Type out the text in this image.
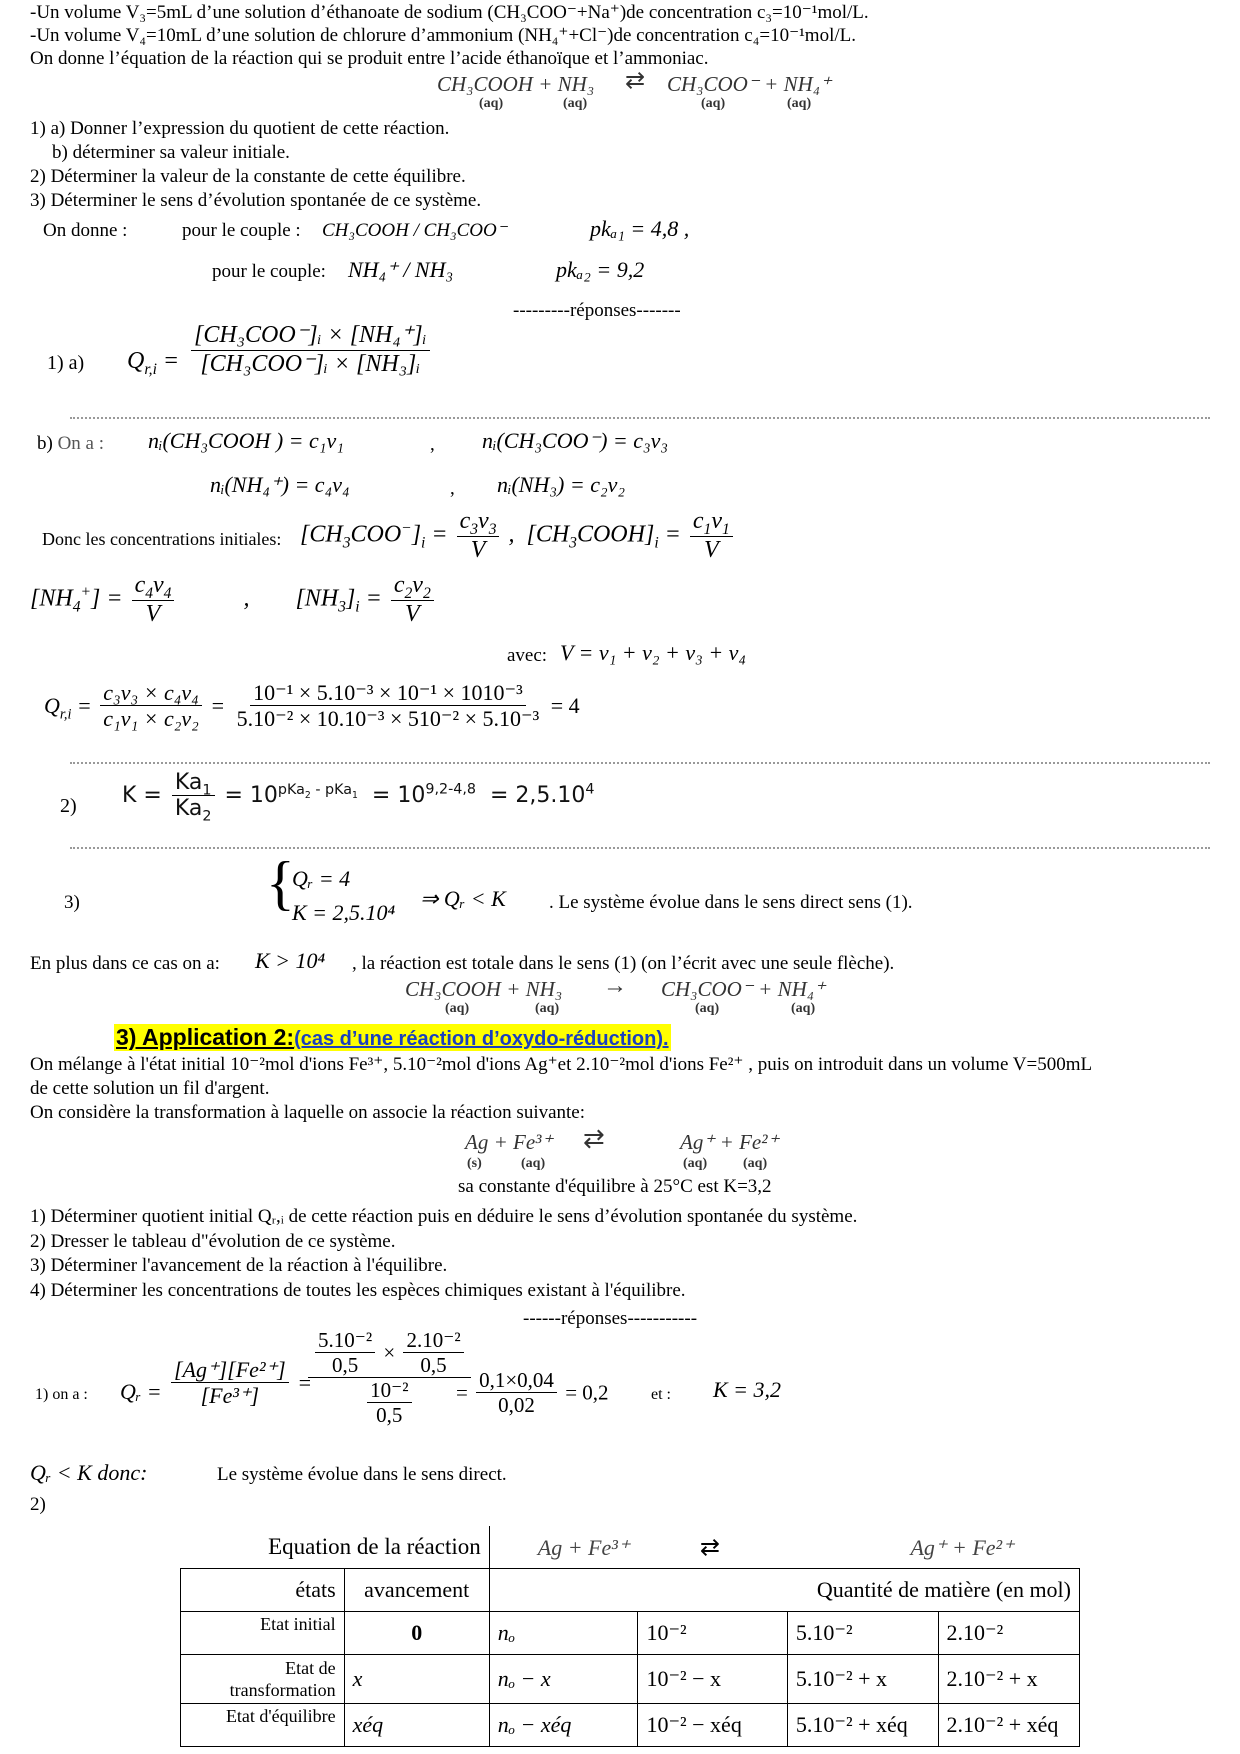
-Un volume V₃=5mL d’une solution d’éthanoate de sodium (CH₃COO⁻+Na⁺)de concentration c₃=10⁻¹mol/L.
-Un volume V₄=10mL d’une solution de chlorure d’ammonium (NH₄⁺+Cl⁻)de concentration c₄=10⁻¹mol/L.
On donne l’équation de la réaction qui se produit entre l’acide éthanoïque et l’ammoniac.
CH₃COOH + NH₃ ⇄ CH₃COO⁻ + NH₄⁺
(aq)	(aq)	(aq)	(aq)
1) a) Donner l’expression du quotient de cette réaction.
b) déterminer sa valeur initiale.
2) Déterminer la valeur de la constante de cette équilibre.
3) Déterminer le sens d’évolution spontanée de ce système.
On donne :	pour le couple : CH₃COOH / CH₃COO⁻	pkₐ₁ = 4,8 ,
pour le couple: NH₄⁺ / NH₃	pkₐ₂ = 9,2
---------réponses-------
1) a) $Q_{r,i} = \frac{\text{[CH₃COO⁻]ᵢ × [NH₄⁺]ᵢ}}{\text{[CH₃COO⁻]ᵢ × [NH₃]ᵢ}}$
b) On a : nᵢ(CH₃COOH ) = c₁v₁	, nᵢ(CH₃COO⁻) = c₃v₃
nᵢ(NH₄⁺) = c₄v₄	, nᵢ(NH₃) = c₂v₂
Donc les concentrations initiales: $[CH_3COO^-]_i = \frac{c_3v_3}{V}$ ,  $[CH_3COOH]_i = \frac{c_1v_1}{V}$
$[NH_4^+] = \frac{c_4v_4}{V}$	, $[NH_3]_i = \frac{c_2v_2}{V}$
avec: V = v₁ + v₂ + v₃ + v₄
$Q_{r,i} = \frac{\text{c₃v₃ × c₄v₄}}{\text{c₁v₁ × c₂v₂}} = \frac{\text{10⁻¹ × 5.10⁻³ × 10⁻¹ × 1010⁻³}}{\text{5.10⁻² × 10.10⁻³ × 510⁻² × 5.10⁻³}} = 4$
2) $K = \frac{Ka_1}{Ka_2} = 10^{pKa_2 - pKa_1} = 10^{9,2-4,8} = 2,5.10^4$
3)	{
Qᵣ = 4
K = 2,5.10⁴
⇒ Qᵣ < K . Le système évolue dans le sens direct sens (1).
En plus dans ce cas on a: K > 10⁴ , la réaction est totale dans le sens (1) (on l’écrit avec une seule flèche).
CH₃COOH + NH₃ → CH₃COO⁻ + NH₄⁺
(aq)	(aq)	(aq)	(aq)
3) Application 2:(cas d’une réaction d’oxydo-réduction).
On mélange à l'état initial 10⁻²mol d'ions Fe³⁺, 5.10⁻²mol d'ions Ag⁺et 2.10⁻²mol d'ions Fe²⁺ , puis on introduit dans un volume V=500mL
de cette solution un fil d'argent.
On considère la transformation à laquelle on associe la réaction suivante:
Ag + Fe³⁺ ⇄	Ag⁺ + Fe²⁺
(s)	(aq)	(aq)	(aq)
sa constante d'équilibre à 25°C est K=3,2
1) Déterminer quotient initial Qᵣ,ᵢ de cette réaction puis en déduire le sens d’évolution spontanée du système.
2) Dresser le tableau d"évolution de ce système.
3) Déterminer l'avancement de la réaction à l'équilibre.
4) Déterminer les concentrations de toutes les espèces chimiques existant à l'équilibre.
------réponses-----------
1) on a : Qᵣ = $\frac{\text{[Ag⁺][Fe²⁺]}}{\text{[Fe³⁺]}}$ =
$\frac{\frac{\text{5.10⁻²}}{0,5} \times \frac{\text{2.10⁻²}}{0,5}}{\frac{\text{10⁻²}}{0,5}}$
= $\frac{0,1\times 0,04}{0,02} = 0,2$	et : K = 3,2
Qᵣ < K donc:	Le système évolue dans le sens direct.
2)
Equation de la réaction		Ag + Fe³⁺ ⇄ Ag⁺ + Fe²⁺			
états	avancement	Quantité de matière (en mol)			
Etat initial	0	nₒ	10⁻²	5.10⁻²	2.10⁻²
Etat de transformation	x	nₒ − x	10⁻² − x	5.10⁻² + x	2.10⁻² + x
Etat d'équilibre	xéq	nₒ − xéq	10⁻² − xéq	5.10⁻² + xéq	2.10⁻² + xéq
